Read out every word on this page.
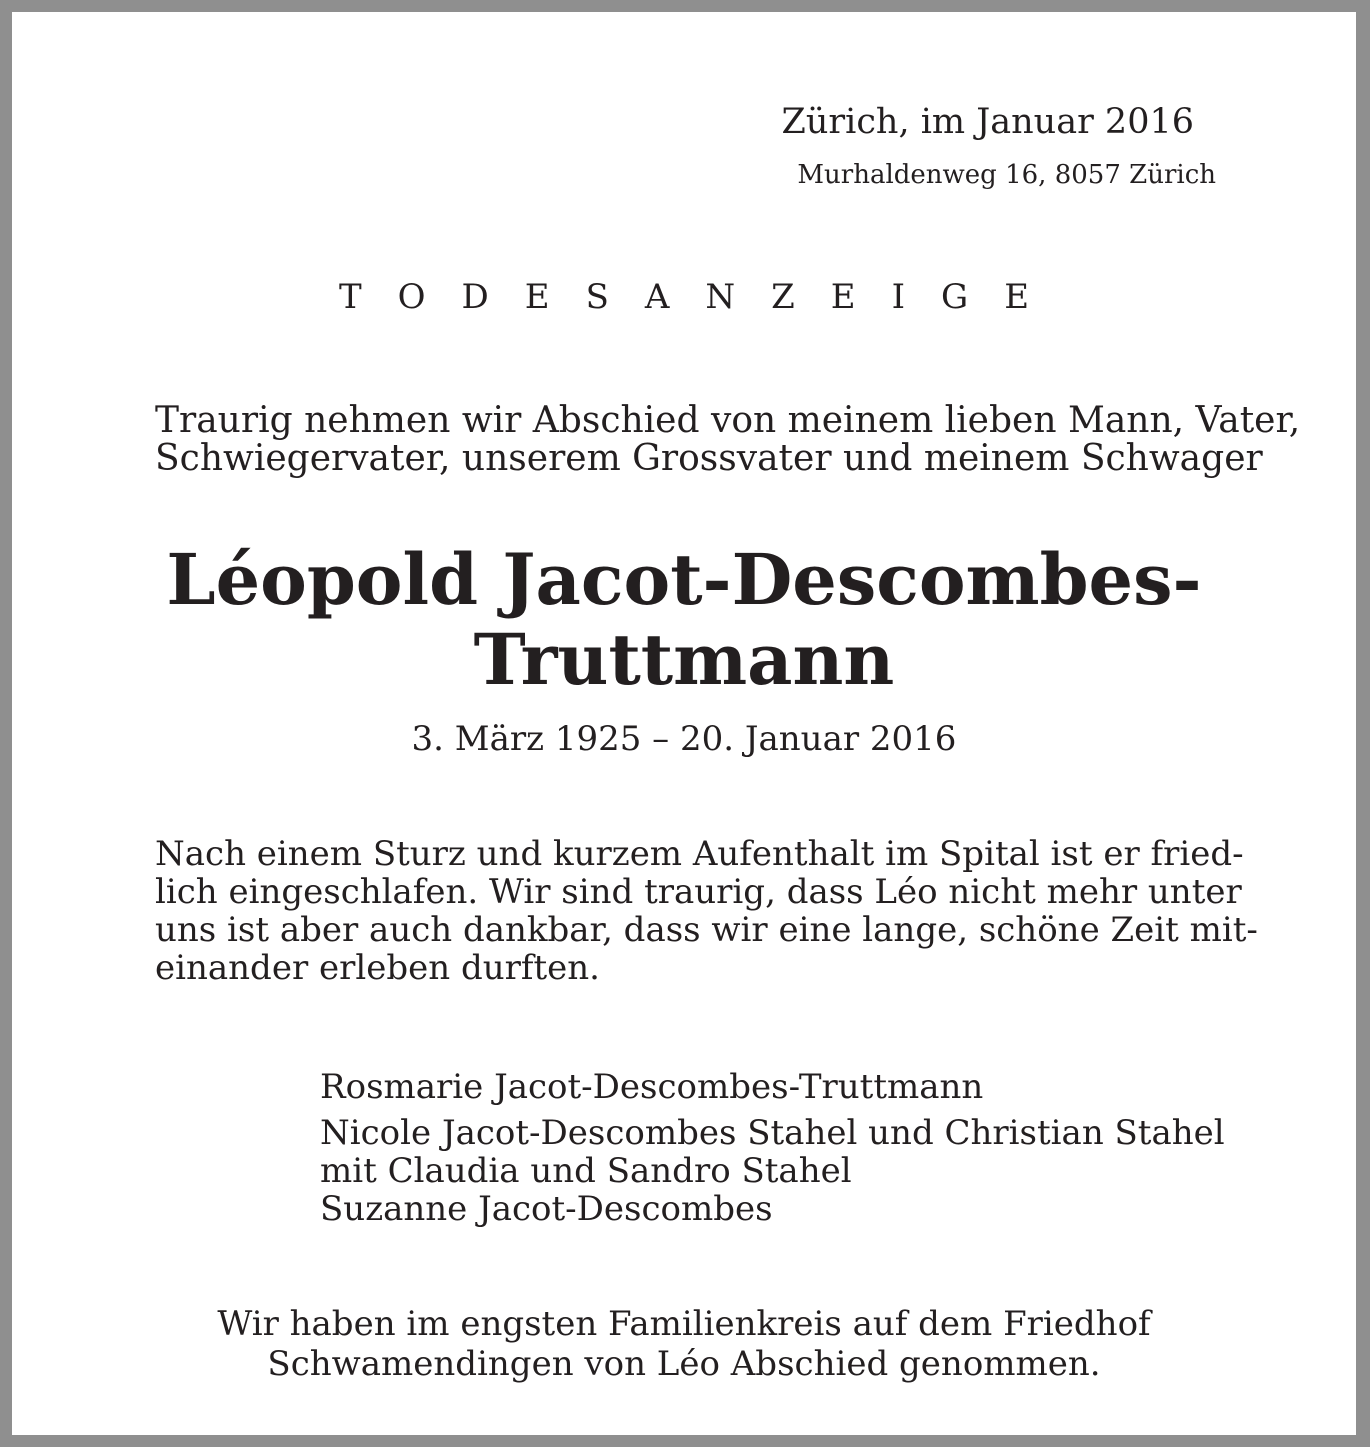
Zürich, im Januar 2016
Murhaldenweg 16, 8057 Zürich
TODESANZEIGE
Traurig nehmen wir Abschied von meinem lieben Mann, Vater,
Schwiegervater, unserem Grossvater und meinem Schwager
Léopold Jacot-Descombes-
Truttmann
3. März 1925 – 20. Januar 2016
Nach einem Sturz und kurzem Aufenthalt im Spital ist er fried-
lich eingeschlafen. Wir sind traurig, dass Léo nicht mehr unter
uns ist aber auch dankbar, dass wir eine lange, schöne Zeit mit-
einander erleben durften.
Rosmarie Jacot-Descombes-Truttmann
Nicole Jacot-Descombes Stahel und Christian Stahel
mit Claudia und Sandro Stahel
Suzanne Jacot-Descombes
Wir haben im engsten Familienkreis auf dem Friedhof
Schwamendingen von Léo Abschied genommen.
